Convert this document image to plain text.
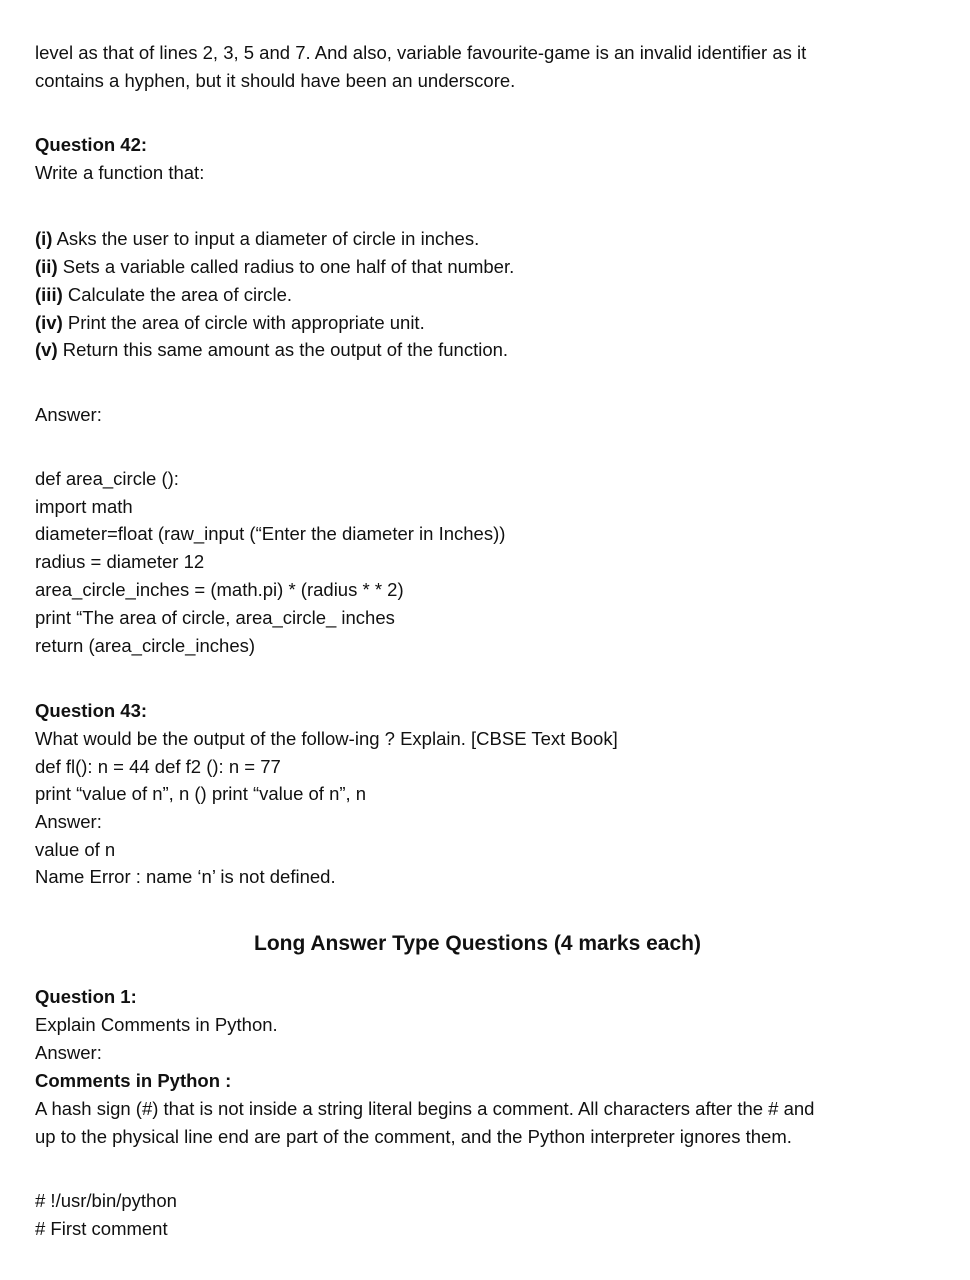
level as that of lines 2, 3, 5 and 7. And also, variable favourite-game is an invalid identifier as it
contains a hyphen, but it should have been an underscore.
Question 42:
Write a function that:
(i) Asks the user to input a diameter of circle in inches.
(ii) Sets a variable called radius to one half of that number.
(iii) Calculate the area of circle.
(iv) Print the area of circle with appropriate unit.
(v) Return this same amount as the output of the function.
Answer:
def area_circle ():
import math
diameter=float (raw_input (“Enter the diameter in Inches))
radius = diameter 12
area_circle_inches = (math.pi) * (radius * * 2)
print “The area of circle, area_circle_ inches
return (area_circle_inches)
Question 43:
What would be the output of the follow-ing ? Explain. [CBSE Text Book]
def fl(): n = 44 def f2 (): n = 77
print “value of n”, n () print “value of n”, n
Answer:
value of n
Name Error : name ‘n’ is not defined.
Long Answer Type Questions (4 marks each)
Question 1:
Explain Comments in Python.
Answer:
Comments in Python :
A hash sign (#) that is not inside a string literal begins a comment. All characters after the # and
up to the physical line end are part of the comment, and the Python interpreter ignores them.
# !/usr/bin/python
# First comment
